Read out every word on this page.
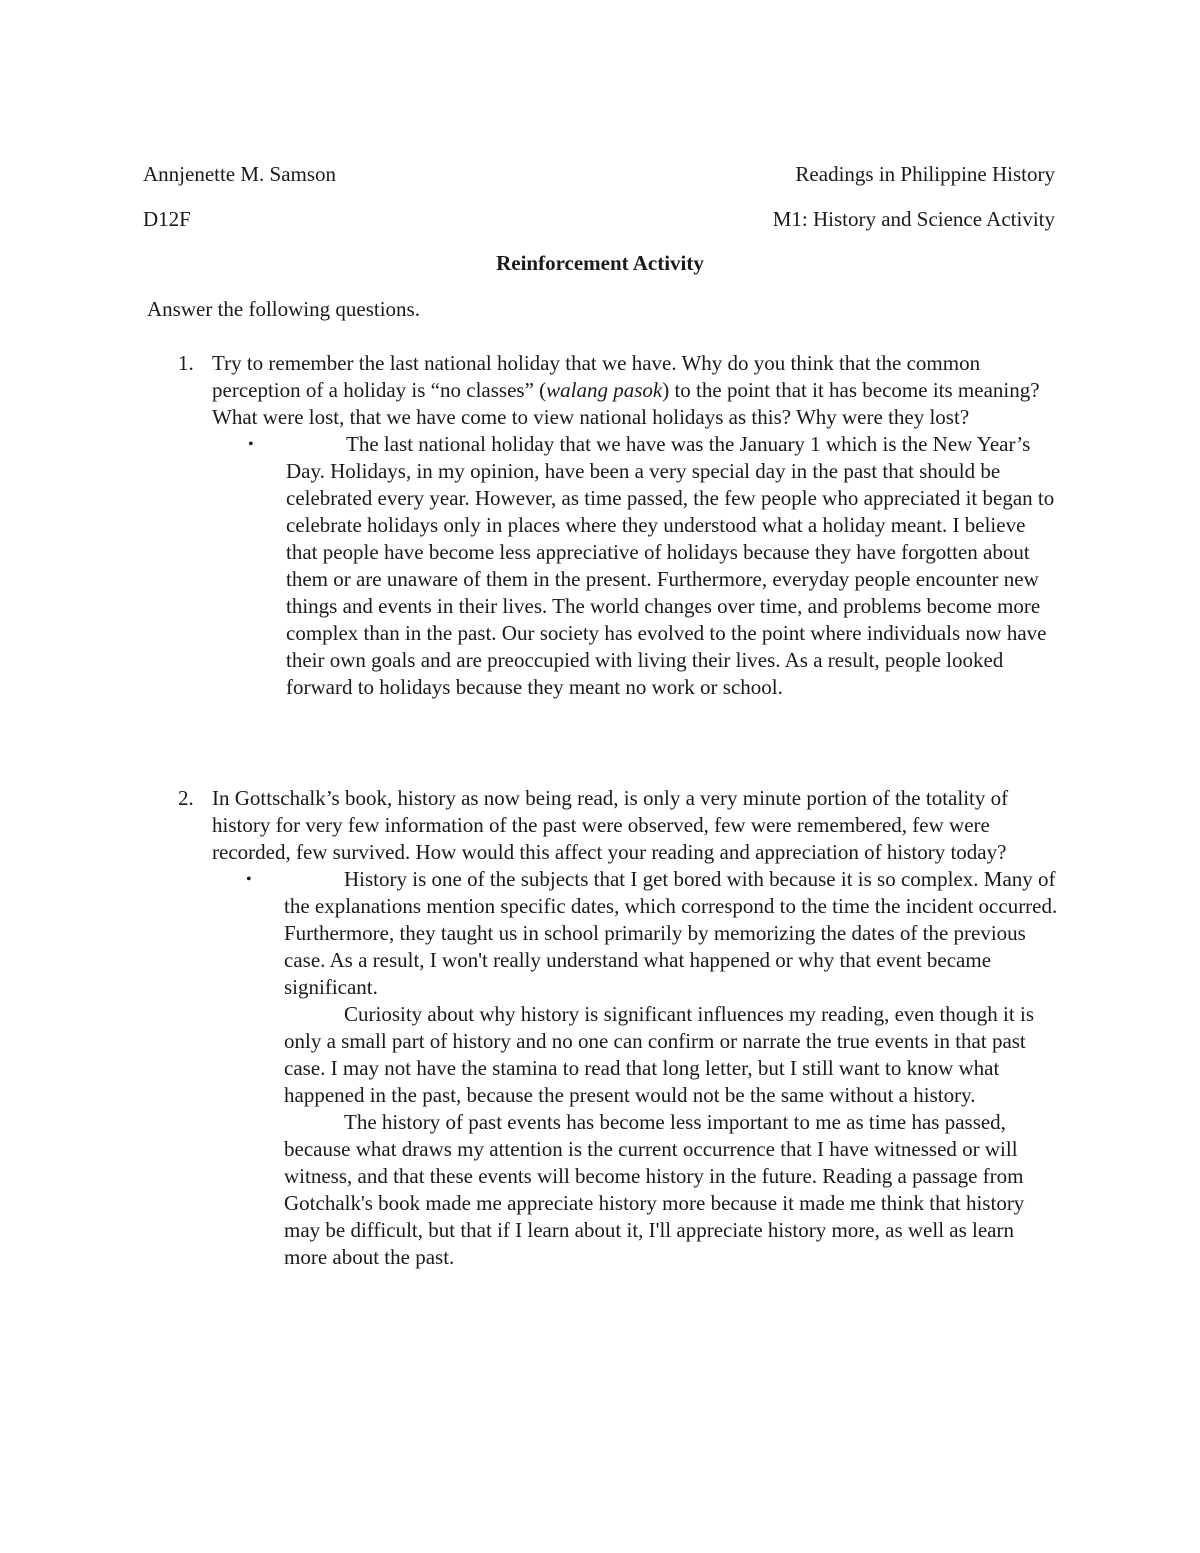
Annjenette M. Samson	Readings in Philippine History
D12F	M1: History and Science Activity
Reinforcement Activity
Answer the following questions.
1. Try to remember the last national holiday that we have. Why do you think that the common perception of a holiday is “no classes” (walang pasok) to the point that it has become its meaning? What were lost, that we have come to view national holidays as this? Why were they lost?
•	The last national holiday that we have was the January 1 which is the New Year’s Day. Holidays, in my opinion, have been a very special day in the past that should be celebrated every year. However, as time passed, the few people who appreciated it began to celebrate holidays only in places where they understood what a holiday meant. I believe that people have become less appreciative of holidays because they have forgotten about them or are unaware of them in the present. Furthermore, everyday people encounter new things and events in their lives. The world changes over time, and problems become more complex than in the past. Our society has evolved to the point where individuals now have their own goals and are preoccupied with living their lives. As a result, people looked forward to holidays because they meant no work or school.

2. In Gottschalk’s book, history as now being read, is only a very minute portion of the totality of history for very few information of the past were observed, few were remembered, few were recorded, few survived. How would this affect your reading and appreciation of history today?
•	History is one of the subjects that I get bored with because it is so complex. Many of the explanations mention specific dates, which correspond to the time the incident occurred. Furthermore, they taught us in school primarily by memorizing the dates of the previous case. As a result, I won't really understand what happened or why that event became significant.

Curiosity about why history is significant influences my reading, even though it is only a small part of history and no one can confirm or narrate the true events in that past case. I may not have the stamina to read that long letter, but I still want to know what happened in the past, because the present would not be the same without a history.

The history of past events has become less important to me as time has passed, because what draws my attention is the current occurrence that I have witnessed or will witness, and that these events will become history in the future. Reading a passage from Gotchalk's book made me appreciate history more because it made me think that history may be difficult, but that if I learn about it, I'll appreciate history more, as well as learn more about the past.
